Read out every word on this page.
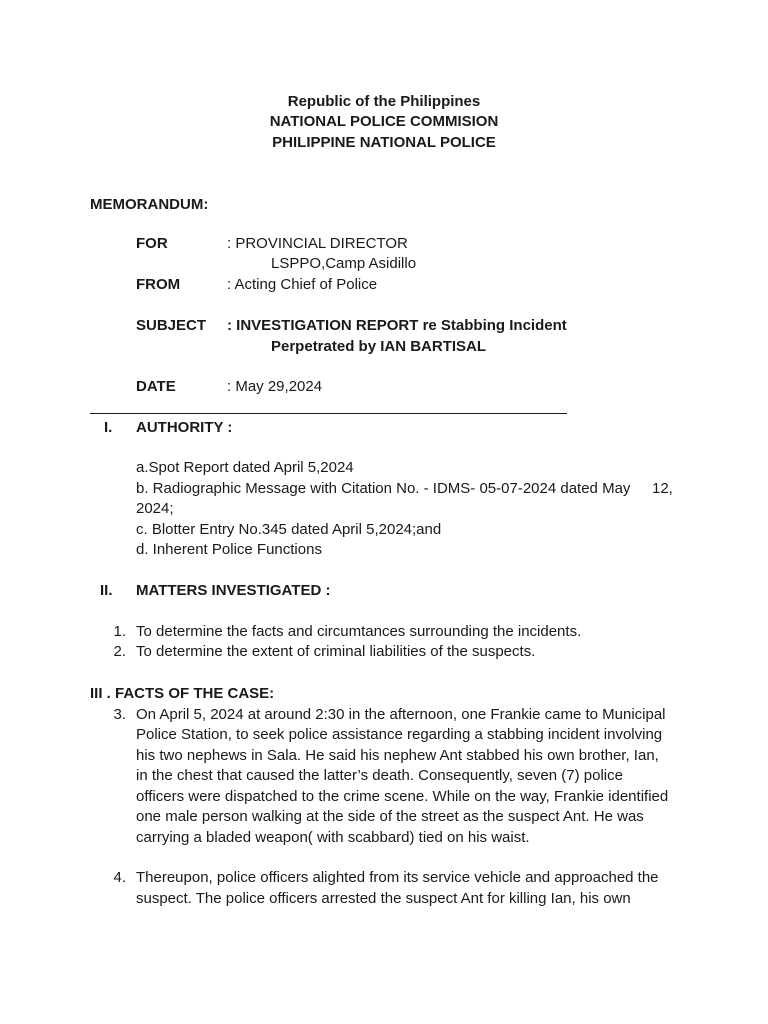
Republic of the Philippines
NATIONAL POLICE COMMISION
PHILIPPINE NATIONAL POLICE
MEMORANDUM:
FOR	: PROVINCIAL DIRECTOR
LSPPO,Camp Asidillo
FROM	: Acting Chief of Police
SUBJECT : INVESTIGATION REPORT re Stabbing Incident
Perpetrated by IAN BARTISAL
DATE	: May 29,2024
I. AUTHORITY :
a.Spot Report dated April 5,2024
b. Radiographic Message with Citation No. - IDMS- 05-07-2024 dated May 12,
2024;
c. Blotter Entry No.345 dated April 5,2024;and
d. Inherent Police Functions
II. MATTERS INVESTIGATED :
1. To determine the facts and circumtances surrounding the incidents.
2. To determine the extent of criminal liabilities of the suspects.
III . FACTS OF THE CASE:
3. On April 5, 2024 at around 2:30 in the afternoon, one Frankie came to Municipal
Police Station, to seek police assistance regarding a stabbing incident involving
his two nephews in Sala. He said his nephew Ant stabbed his own brother, Ian,
in the chest that caused the latter’s death. Consequently, seven (7) police
officers were dispatched to the crime scene. While on the way, Frankie identified
one male person walking at the side of the street as the suspect Ant. He was
carrying a bladed weapon( with scabbard) tied on his waist.
4. Thereupon, police officers alighted from its service vehicle and approached the
suspect. The police officers arrested the suspect Ant for killing Ian, his own
